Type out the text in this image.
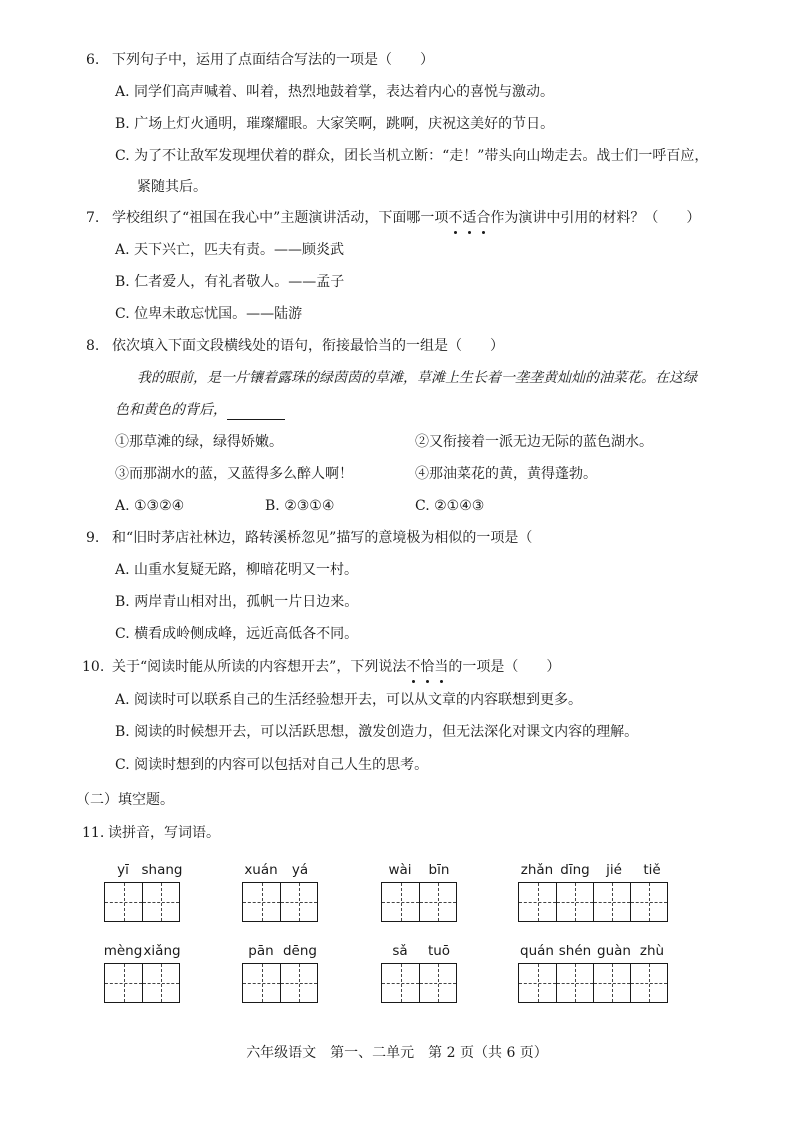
6. 下列句子中，运用了点面结合写法的一项是（　　）
A. 同学们高声喊着、叫着，热烈地鼓着掌，表达着内心的喜悦与激动。
B. 广场上灯火通明，璀璨耀眼。大家笑啊，跳啊，庆祝这美好的节日。
C. 为了不让敌军发现埋伏着的群众，团长当机立断：“走！”带头向山坳走去。战士们一呼百应，
紧随其后。
7. 学校组织了“祖国在我心中”主题演讲活动，下面哪一项不适合作为演讲中引用的材料？（　　）
A. 天下兴亡，匹夫有责。——顾炎武
B. 仁者爱人，有礼者敬人。——孟子
C. 位卑未敢忘忧国。——陆游
8. 依次填入下面文段横线处的语句，衔接最恰当的一组是（　　）
我的眼前，是一片镶着露珠的绿茵茵的草滩，草滩上生长着一垄垄黄灿灿的油菜花。在这绿
色和黄色的背后，
①那草滩的绿，绿得娇嫩。	②又衔接着一派无边无际的蓝色湖水。
③而那湖水的蓝，又蓝得多么醉人啊！	④那油菜花的黄，黄得蓬勃。
A. ①③②④	B. ②③①④	C. ②①④③
9. 和“旧时茅店社林边，路转溪桥忽见”描写的意境极为相似的一项是（
A. 山重水复疑无路，柳暗花明又一村。
B. 两岸青山相对出，孤帆一片日边来。
C. 横看成岭侧成峰，远近高低各不同。
10. 关于“阅读时能从所读的内容想开去”，下列说法不恰当的一项是（　　）
A. 阅读时可以联系自己的生活经验想开去，可以从文章的内容联想到更多。
B. 阅读的时候想开去，可以活跃思想，激发创造力，但无法深化对课文内容的理解。
C. 阅读时想到的内容可以包括对自己人生的思考。
（二）填空题。
11. 读拼音，写词语。
yī shang	xuán yá	wài bīn	zhǎn dīng jié tiě
mèng xiǎng	pān dēng	sǎ tuō	quán shén guàn zhù
六年级语文　第一、二单元　第 2 页（共 6 页）
